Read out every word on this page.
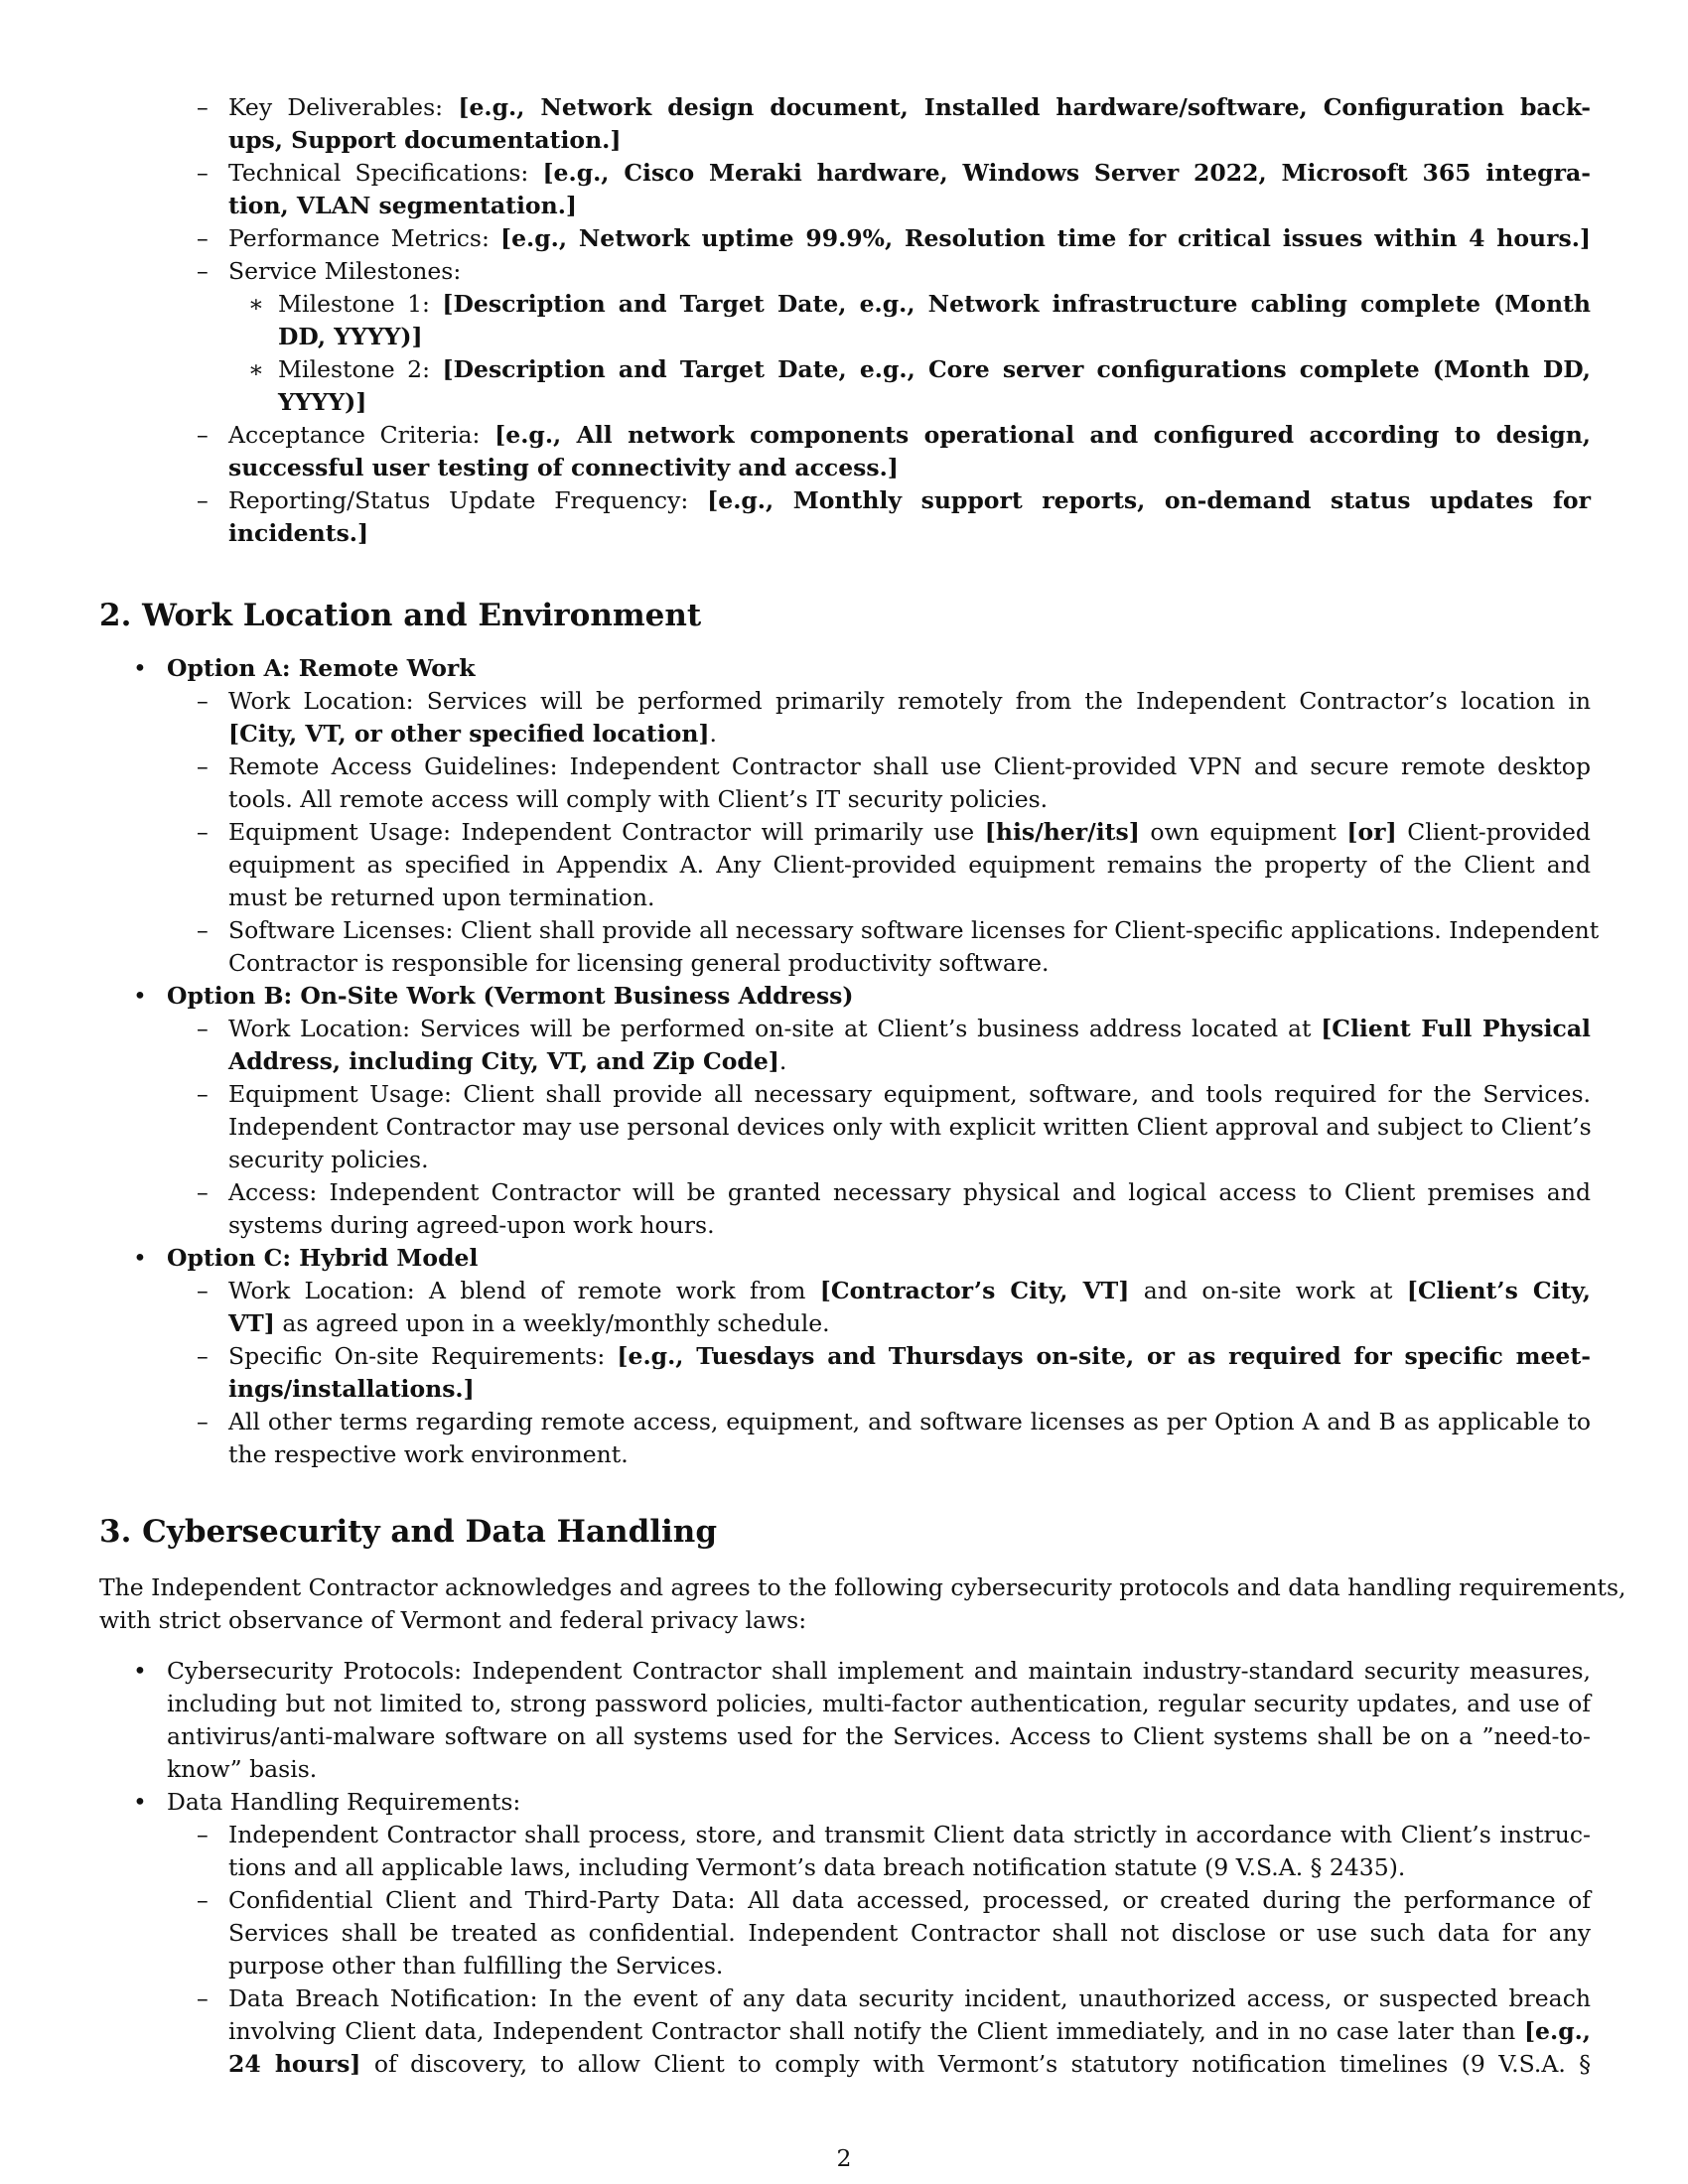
– Key Deliverables: [e.g., Network design document, Installed hardware/software, Configuration back-
ups, Support documentation.]
– Technical Specifications: [e.g., Cisco Meraki hardware, Windows Server 2022, Microsoft 365 integra-
tion, VLAN segmentation.]
– Performance Metrics: [e.g., Network uptime 99.9%, Resolution time for critical issues within 4 hours.]
– Service Milestones:
∗ Milestone 1: [Description and Target Date, e.g., Network infrastructure cabling complete (Month
DD, YYYY)]
∗ Milestone 2: [Description and Target Date, e.g., Core server configurations complete (Month DD,
YYYY)]
– Acceptance Criteria: [e.g., All network components operational and configured according to design,
successful user testing of connectivity and access.]
– Reporting/Status Update Frequency: [e.g., Monthly support reports, on-demand status updates for
incidents.]
2. Work Location and Environment
• Option A: Remote Work
– Work Location: Services will be performed primarily remotely from the Independent Contractor’s location in
[City, VT, or other specified location].
– Remote Access Guidelines: Independent Contractor shall use Client-provided VPN and secure remote desktop
tools. All remote access will comply with Client’s IT security policies.
– Equipment Usage: Independent Contractor will primarily use [his/her/its] own equipment [or] Client-provided
equipment as specified in Appendix A. Any Client-provided equipment remains the property of the Client and
must be returned upon termination.
– Software Licenses: Client shall provide all necessary software licenses for Client-specific applications. Independent
Contractor is responsible for licensing general productivity software.
• Option B: On-Site Work (Vermont Business Address)
– Work Location: Services will be performed on-site at Client’s business address located at [Client Full Physical
Address, including City, VT, and Zip Code].
– Equipment Usage: Client shall provide all necessary equipment, software, and tools required for the Services.
Independent Contractor may use personal devices only with explicit written Client approval and subject to Client’s
security policies.
– Access: Independent Contractor will be granted necessary physical and logical access to Client premises and
systems during agreed-upon work hours.
• Option C: Hybrid Model
– Work Location: A blend of remote work from [Contractor’s City, VT] and on-site work at [Client’s City,
VT] as agreed upon in a weekly/monthly schedule.
– Specific On-site Requirements: [e.g., Tuesdays and Thursdays on-site, or as required for specific meet-
ings/installations.]
– All other terms regarding remote access, equipment, and software licenses as per Option A and B as applicable to
the respective work environment.
3. Cybersecurity and Data Handling
The Independent Contractor acknowledges and agrees to the following cybersecurity protocols and data handling requirements,
with strict observance of Vermont and federal privacy laws:
• Cybersecurity Protocols: Independent Contractor shall implement and maintain industry-standard security measures,
including but not limited to, strong password policies, multi-factor authentication, regular security updates, and use of
antivirus/anti-malware software on all systems used for the Services. Access to Client systems shall be on a ”need-to-
know” basis.
• Data Handling Requirements:
– Independent Contractor shall process, store, and transmit Client data strictly in accordance with Client’s instruc-
tions and all applicable laws, including Vermont’s data breach notification statute (9 V.S.A. § 2435).
– Confidential Client and Third-Party Data: All data accessed, processed, or created during the performance of
Services shall be treated as confidential. Independent Contractor shall not disclose or use such data for any
purpose other than fulfilling the Services.
– Data Breach Notification: In the event of any data security incident, unauthorized access, or suspected breach
involving Client data, Independent Contractor shall notify the Client immediately, and in no case later than [e.g.,
24 hours] of discovery, to allow Client to comply with Vermont’s statutory notification timelines (9 V.S.A. §
2
